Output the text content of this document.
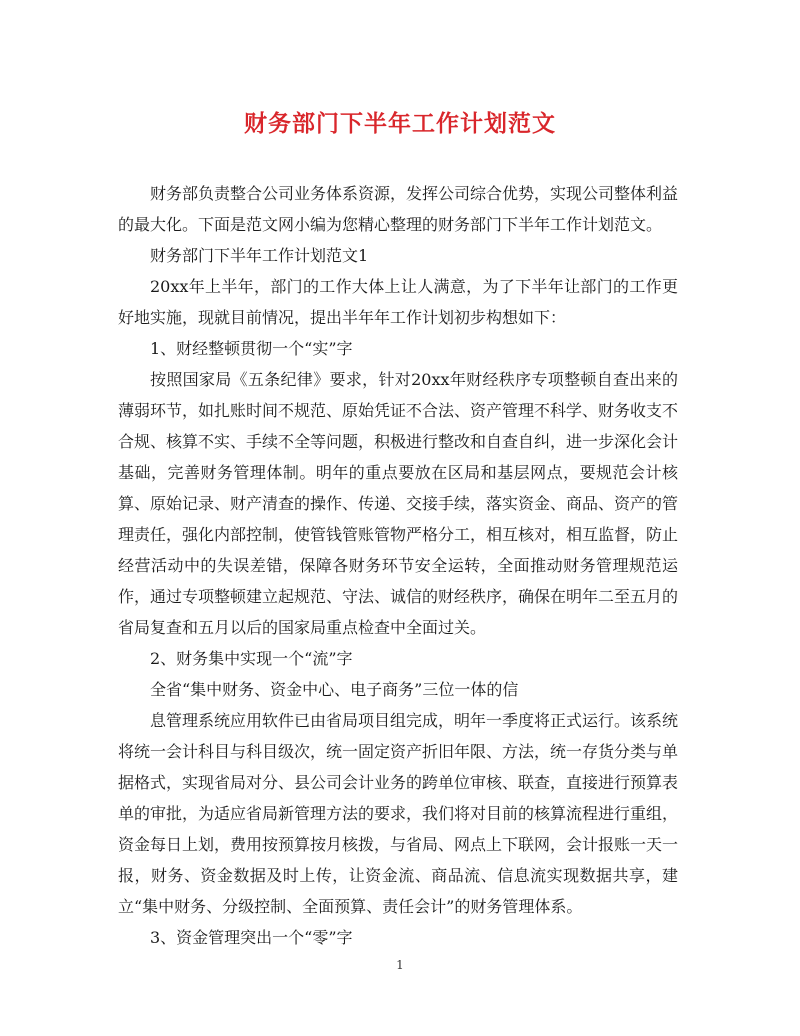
财务部门下半年工作计划范文

财务部负责整合公司业务体系资源，发挥公司综合优势，实现公司整体利益的最大化。下面是范文网小编为您精心整理的财务部门下半年工作计划范文。

财务部门下半年工作计划范文1

20xx年上半年，部门的工作大体上让人满意，为了下半年让部门的工作更好地实施，现就目前情况，提出半年年工作计划初步构想如下：

1、财经整顿贯彻一个“实”字

按照国家局《五条纪律》要求，针对20xx年财经秩序专项整顿自查出来的薄弱环节，如扎账时间不规范、原始凭证不合法、资产管理不科学、财务收支不合规、核算不实、手续不全等问题，积极进行整改和自查自纠，进一步深化会计基础，完善财务管理体制。明年的重点要放在区局和基层网点，要规范会计核算、原始记录、财产清查的操作、传递、交接手续，落实资金、商品、资产的管理责任，强化内部控制，使管钱管账管物严格分工，相互核对，相互监督，防止经营活动中的失误差错，保障各财务环节安全运转，全面推动财务管理规范运作，通过专项整顿建立起规范、守法、诚信的财经秩序，确保在明年二至五月的省局复查和五月以后的国家局重点检查中全面过关。

2、财务集中实现一个“流”字

全省“集中财务、资金中心、电子商务”三位一体的信

息管理系统应用软件已由省局项目组完成，明年一季度将正式运行。该系统将统一会计科目与科目级次，统一固定资产折旧年限、方法，统一存货分类与单据格式，实现省局对分、县公司会计业务的跨单位审核、联查，直接进行预算表单的审批，为适应省局新管理方法的要求，我们将对目前的核算流程进行重组，资金每日上划，费用按预算按月核拨，与省局、网点上下联网，会计报账一天一报，财务、资金数据及时上传，让资金流、商品流、信息流实现数据共享，建立“集中财务、分级控制、全面预算、责任会计”的财务管理体系。

3、资金管理突出一个“零”字

1
